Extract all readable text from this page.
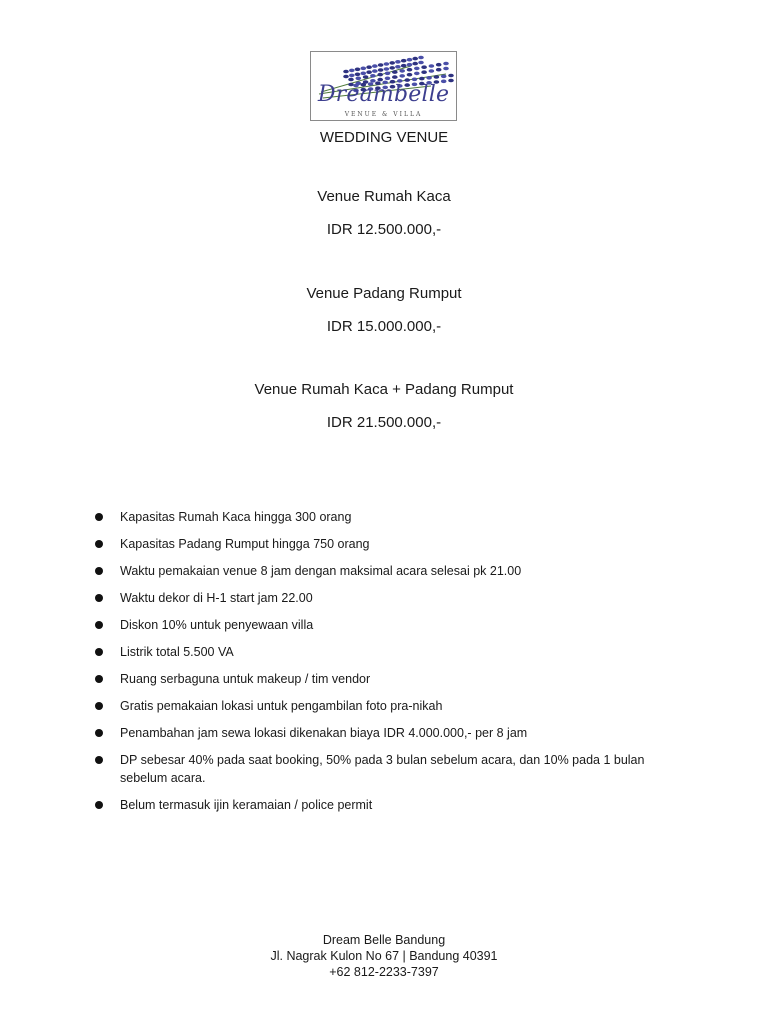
Dreambelle
VENUE & VILLA
WEDDING VENUE
Venue Rumah Kaca
IDR 12.500.000,-
Venue Padang Rumput
IDR 15.000.000,-
Venue Rumah Kaca + Padang Rumput
IDR 21.500.000,-
Kapasitas Rumah Kaca hingga 300 orang
Kapasitas Padang Rumput hingga 750 orang
Waktu pemakaian venue 8 jam dengan maksimal acara selesai pk 21.00
Waktu dekor di H-1 start jam 22.00
Diskon 10% untuk penyewaan villa
Listrik total 5.500 VA
Ruang serbaguna untuk makeup / tim vendor
Gratis pemakaian lokasi untuk pengambilan foto pra-nikah
Penambahan jam sewa lokasi dikenakan biaya IDR 4.000.000,- per 8 jam
DP sebesar 40% pada saat booking, 50% pada 3 bulan sebelum acara, dan 10% pada 1 bulan sebelum acara.
Belum termasuk ijin keramaian / police permit
Dream Belle Bandung
Jl. Nagrak Kulon No 67 | Bandung 40391
+62 812-2233-7397
